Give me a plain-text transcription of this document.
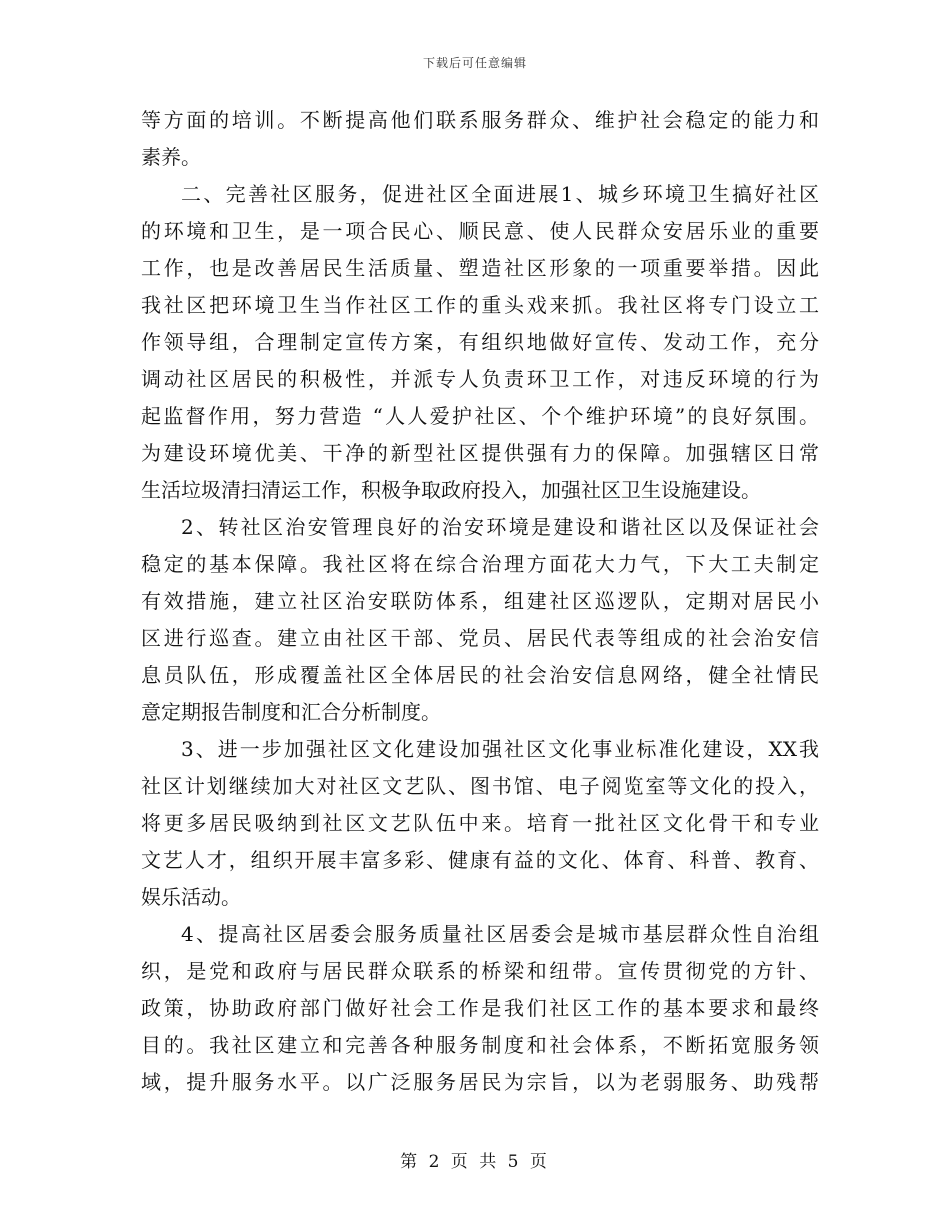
下载后可任意编辑
等方面的培训。不断提高他们联系服务群众、维护社会稳定的能力和
素养。
二、完善社区服务，促进社区全面进展1、城乡环境卫生搞好社区
的环境和卫生，是一项合民心、顺民意、使人民群众安居乐业的重要
工作，也是改善居民生活质量、塑造社区形象的一项重要举措。因此
我社区把环境卫生当作社区工作的重头戏来抓。我社区将专门设立工
作领导组，合理制定宣传方案，有组织地做好宣传、发动工作，充分
调动社区居民的积极性，并派专人负责环卫工作，对违反环境的行为
起监督作用，努力营造 “人人爱护社区、个个维护环境”的良好氛围。
为建设环境优美、干净的新型社区提供强有力的保障。加强辖区日常
生活垃圾清扫清运工作，积极争取政府投入，加强社区卫生设施建设。
2、转社区治安管理良好的治安环境是建设和谐社区以及保证社会
稳定的基本保障。我社区将在综合治理方面花大力气，下大工夫制定
有效措施，建立社区治安联防体系，组建社区巡逻队，定期对居民小
区进行巡查。建立由社区干部、党员、居民代表等组成的社会治安信
息员队伍，形成覆盖社区全体居民的社会治安信息网络，健全社情民
意定期报告制度和汇合分析制度。
3、进一步加强社区文化建设加强社区文化事业标准化建设，XX我
社区计划继续加大对社区文艺队、图书馆、电子阅览室等文化的投入，
将更多居民吸纳到社区文艺队伍中来。培育一批社区文化骨干和专业
文艺人才，组织开展丰富多彩、健康有益的文化、体育、科普、教育、
娱乐活动。
4、提高社区居委会服务质量社区居委会是城市基层群众性自治组
织，是党和政府与居民群众联系的桥梁和纽带。宣传贯彻党的方针、
政策，协助政府部门做好社会工作是我们社区工作的基本要求和最终
目的。我社区建立和完善各种服务制度和社会体系，不断拓宽服务领
域，提升服务水平。以广泛服务居民为宗旨，以为老弱服务、助残帮
第 2 页 共 5 页
